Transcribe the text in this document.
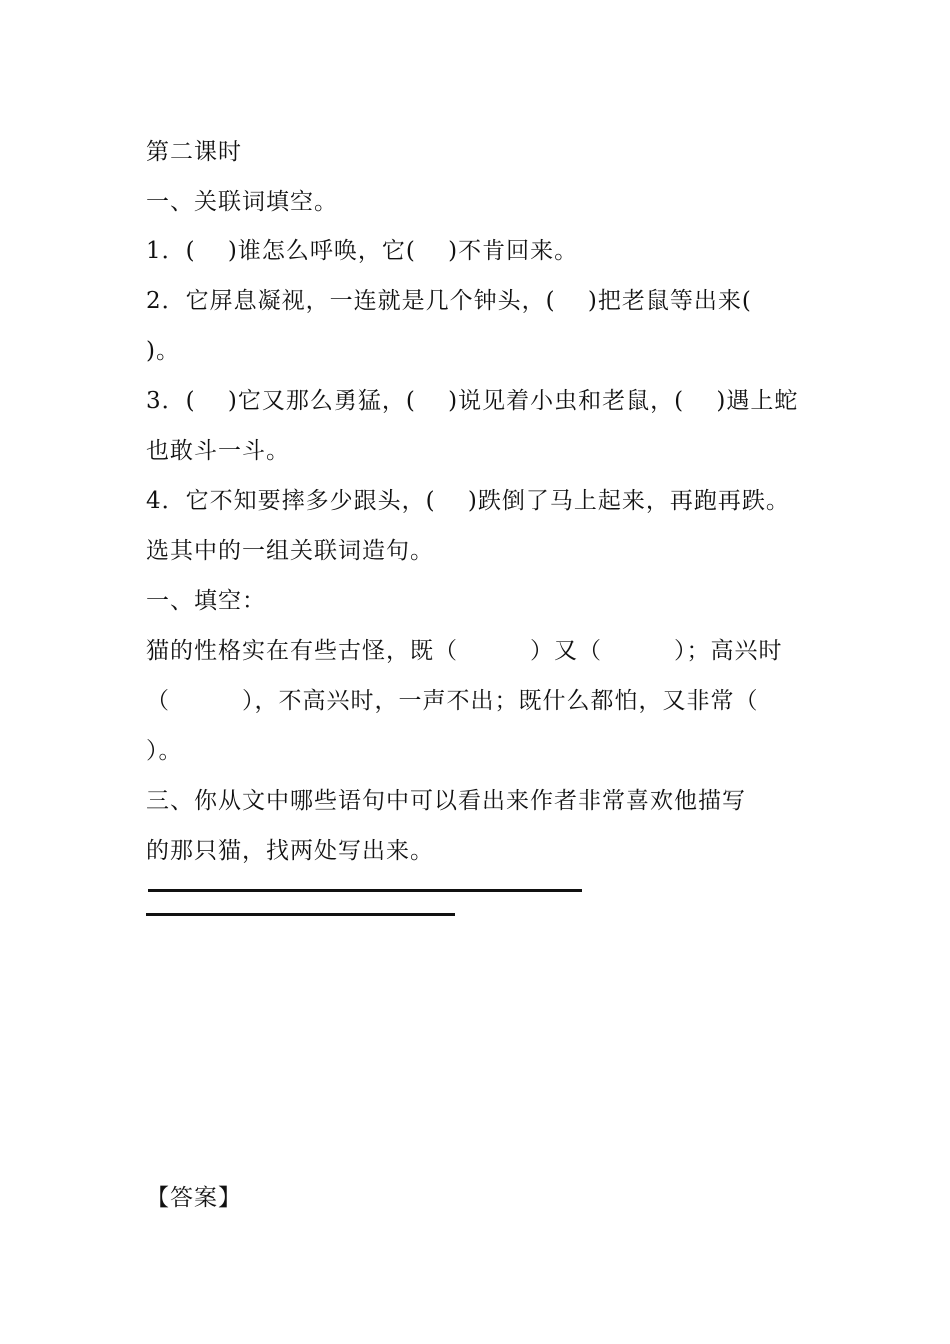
第二课时
一、关联词填空。
1．(　 )谁怎么呼唤，它(　 )不肯回来。
2．它屏息凝视，一连就是几个钟头，(　 )把老鼠等出来(
)。
3．(　 )它又那么勇猛，(　 )说见着小虫和老鼠，(　 )遇上蛇
也敢斗一斗。
4．它不知要摔多少跟头，(　 )跌倒了马上起来，再跑再跌。
选其中的一组关联词造句。
一、填空：
猫的性格实在有些古怪，既（　　　）又（　　　）；高兴时
（　　　），不高兴时，一声不出；既什么都怕，又非常（
）。
三、你从文中哪些语句中可以看出来作者非常喜欢他描写
的那只猫，找两处写出来。
【答案】
